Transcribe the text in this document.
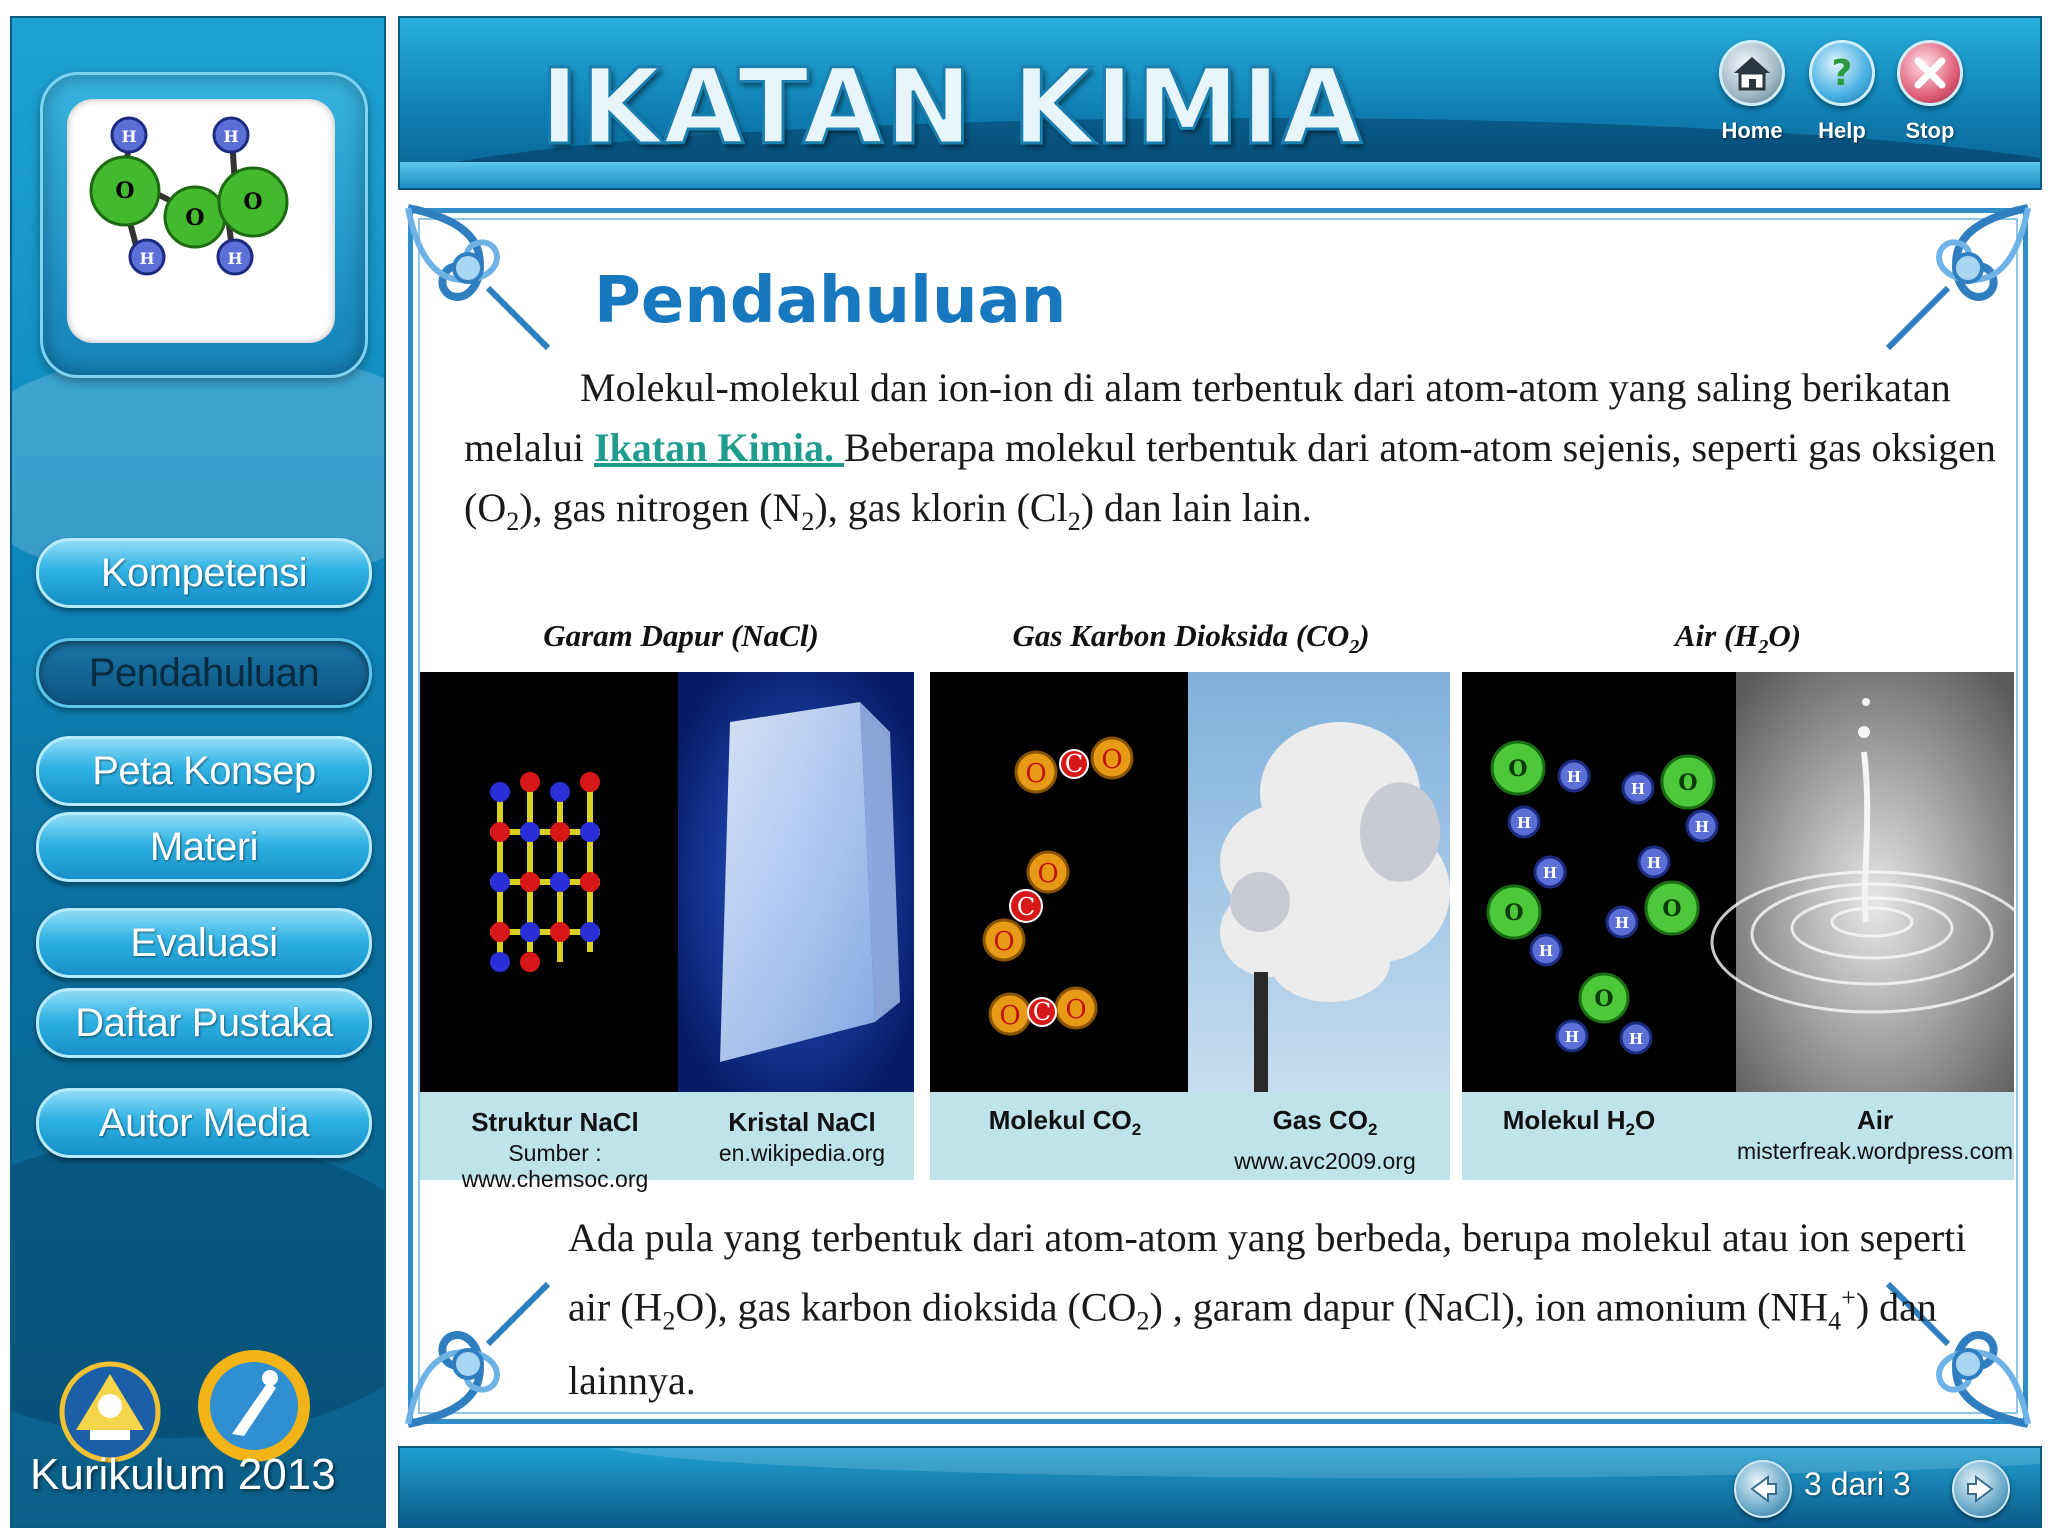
O
O
O
H	H
H	H
Kompetensi
Pendahuluan
Peta Konsep
Materi
Evaluasi
Daftar Pustaka
Autor Media
Kurikulum 2013
IKATAN KIMIA	Home
?
Help	Stop
Pendahuluan
Molekul-molekul dan ion-ion di alam terbentuk dari atom-atom yang saling berikatan melalui Ikatan Kimia. Beberapa molekul terbentuk dari atom-atom sejenis, seperti gas oksigen $(O_2)$, gas nitrogen $(N_2)$, gas klorin $(Cl_2)$ dan lain lain.
Garam Dapur (NaCl)	Gas Karbon Dioksida $(CO_2)$	Air $(H_2O)$
O O
O
O
O O
C
C
C
O
O
O	O
O
H
H
H
H
H
H
H
H
H	H
Struktur NaCl
Sumber : www.chemsoc.org
Kristal NaCl
en.wikipedia.org
Molekul $CO_2$	Gas $CO_2$
www.avc2009.org
Molekul $H_2O$	Air
misterfreak.wordpress.com
Ada pula yang terbentuk dari atom-atom yang berbeda, berupa molekul atau ion seperti air $(H_2O)$, gas karbon dioksida $(CO_2)$ , garam dapur (NaCl), ion amonium $(NH_4^+)$ dan lainnya.
3 dari 3
